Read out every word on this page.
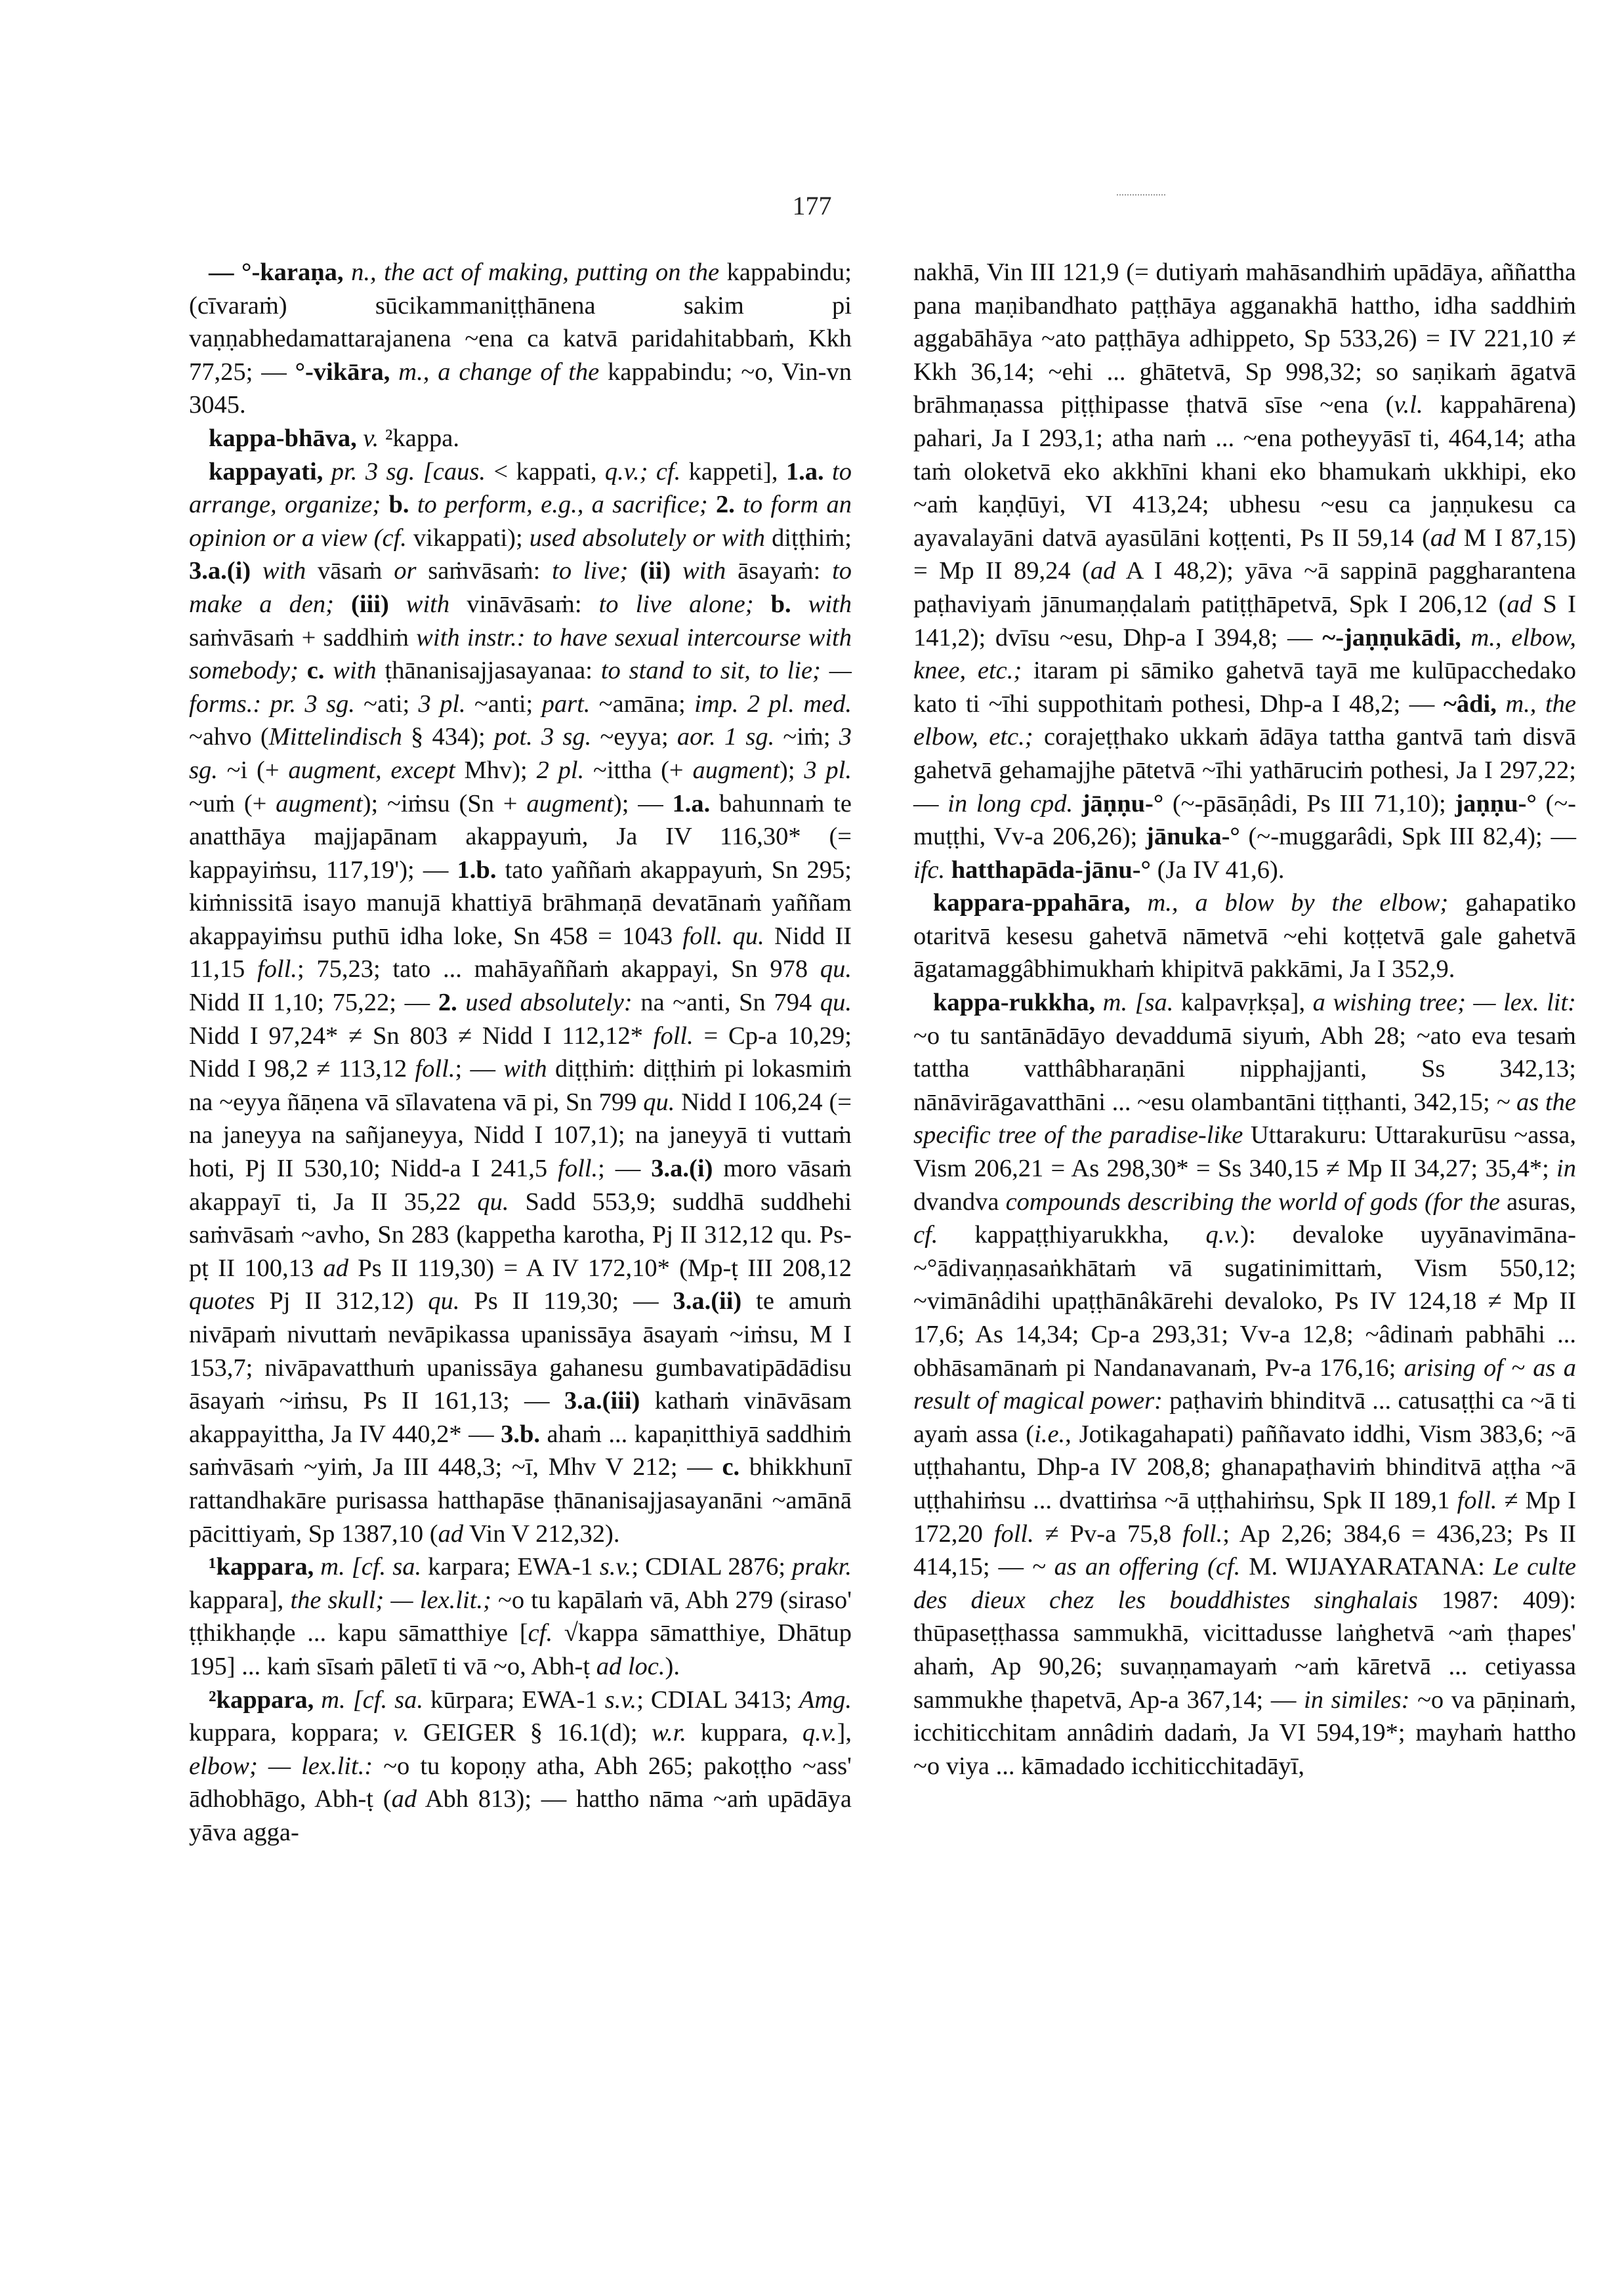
177

— °-karaṇa, n., the act of making, putting on the kappabindu; (cīvaraṁ) sūcikammaniṭṭhānena sakim pi vaṇṇabhedamattarajanena ~ena ca katvā paridahitabbaṁ, Kkh 77,25; — °-vikāra, m., a change of the kappabindu; ~o, Vin-vn 3045.

kappa-bhāva, v. ²kappa.

kappayati, pr. 3 sg. [caus. < kappati, q.v.; cf. kappeti], 1.a. to arrange, organize; b. to perform, e.g., a sacrifice; 2. to form an opinion or a view (cf. vikappati); used absolutely or with diṭṭhiṁ; 3.a.(i) with vāsaṁ or saṁvāsaṁ: to live; (ii) with āsayaṁ: to make a den; (iii) with vināvāsaṁ: to live alone; b. with saṁvāsaṁ + saddhiṁ with instr.: to have sexual intercourse with somebody; c. with ṭhānanisajjasayanaa: to stand to sit, to lie; — forms.: pr. 3 sg. ~ati; 3 pl. ~anti; part. ~amāna; imp. 2 pl. med. ~ahvo (Mittelindisch § 434); pot. 3 sg. ~eyya; aor. 1 sg. ~iṁ; 3 sg. ~i (+ augment, except Mhv); 2 pl. ~ittha (+ augment); 3 pl. ~uṁ (+ augment); ~iṁsu (Sn + augment); — 1.a. bahunnaṁ te anatthāya majjapānam akappayuṁ, Ja IV 116,30* (= kappayiṁsu, 117,19'); — 1.b. tato yaññaṁ akappayuṁ, Sn 295; kiṁnissitā isayo manujā khattiyā brāhmaṇā devatānaṁ yaññam akappayiṁsu puthū idha loke, Sn 458 = 1043 foll. qu. Nidd II 11,15 foll.; 75,23; tato ... mahāyaññaṁ akappayi, Sn 978 qu. Nidd II 1,10; 75,22; — 2. used absolutely: na ~anti, Sn 794 qu. Nidd I 97,24* ≠ Sn 803 ≠ Nidd I 112,12* foll. = Cp-a 10,29; Nidd I 98,2 ≠ 113,12 foll.; — with diṭṭhiṁ: diṭṭhiṁ pi lokasmiṁ na ~eyya ñāṇena vā sīlavatena vā pi, Sn 799 qu. Nidd I 106,24 (= na janeyya na sañjaneyya, Nidd I 107,1); na janeyyā ti vuttaṁ hoti, Pj II 530,10; Nidd-a I 241,5 foll.; — 3.a.(i) moro vāsaṁ akappayī ti, Ja II 35,22 qu. Sadd 553,9; suddhā suddhehi saṁvāsaṁ ~avho, Sn 283 (kappetha karotha, Pj II 312,12 qu. Ps-pṭ II 100,13 ad Ps II 119,30) = A IV 172,10* (Mp-ṭ III 208,12 quotes Pj II 312,12) qu. Ps II 119,30; — 3.a.(ii) te amuṁ nivāpaṁ nivuttaṁ nevāpikassa upanissāya āsayaṁ ~iṁsu, M I 153,7; nivāpavatthuṁ upanissāya gahanesu gumbavatipādādisu āsayaṁ ~iṁsu, Ps II 161,13; — 3.a.(iii) kathaṁ vināvāsam akappayittha, Ja IV 440,2* — 3.b. ahaṁ ... kapaṇitthiyā saddhiṁ saṁvāsaṁ ~yiṁ, Ja III 448,3; ~ī, Mhv V 212; — c. bhikkhunī rattandhakāre purisassa hatthapāse ṭhānanisajjasayanāni ~amānā pācittiyaṁ, Sp 1387,10 (ad Vin V 212,32).

¹kappara, m. [cf. sa. karpara; EWA-1 s.v.; CDIAL 2876; prakr. kappara], the skull; — lex.lit.; ~o tu kapālaṁ vā, Abh 279 (siraso' ṭṭhikhaṇḍe ... kapu sāmatthiye [cf. √kappa sāmatthiye, Dhātup 195] ... kaṁ sīsaṁ pāletī ti vā ~o, Abh-ṭ ad loc.).

²kappara, m. [cf. sa. kūrpara; EWA-1 s.v.; CDIAL 3413; Amg. kuppara, koppara; v. GEIGER § 16.1(d); w.r. kuppara, q.v.], elbow; — lex.lit.: ~o tu kopoṇy atha, Abh 265; pakoṭṭho ~ass' ādhobhāgo, Abh-ṭ (ad Abh 813); — hattho nāma ~aṁ upādāya yāva agga-

nakhā, Vin III 121,9 (= dutiyaṁ mahāsandhiṁ upādāya, aññattha pana maṇibandhato paṭṭhāya agganakhā hattho, idha saddhiṁ aggabāhāya ~ato paṭṭhāya adhippeto, Sp 533,26) = IV 221,10 ≠ Kkh 36,14; ~ehi ... ghātetvā, Sp 998,32; so saṇikaṁ āgatvā brāhmaṇassa piṭṭhipasse ṭhatvā sīse ~ena (v.l. kappahārena) pahari, Ja I 293,1; atha naṁ ... ~ena potheyyāsī ti, 464,14; atha taṁ oloketvā eko akkhīni khani eko bhamukaṁ ukkhipi, eko ~aṁ kaṇḍūyi, VI 413,24; ubhesu ~esu ca jaṇṇukesu ca ayavalayāni datvā ayasūlāni koṭṭenti, Ps II 59,14 (ad M I 87,15) = Mp II 89,24 (ad A I 48,2); yāva ~ā sappinā paggharantena paṭhaviyaṁ jānumaṇḍalaṁ patiṭṭhāpetvā, Spk I 206,12 (ad S I 141,2); dvīsu ~esu, Dhp-a I 394,8; — ~-jaṇṇukādi, m., elbow, knee, etc.; itaram pi sāmiko gahetvā tayā me kulūpacchedako kato ti ~īhi suppothitaṁ pothesi, Dhp-a I 48,2; — ~âdi, m., the elbow, etc.; corajeṭṭhako ukkaṁ ādāya tattha gantvā taṁ disvā gahetvā gehamajjhe pātetvā ~īhi yathāruciṁ pothesi, Ja I 297,22; — in long cpd. jāṇṇu-° (~-pāsāṇâdi, Ps III 71,10); jaṇṇu-° (~-muṭṭhi, Vv-a 206,26); jānuka-° (~-muggarâdi, Spk III 82,4); — ifc. hatthapāda-jānu-° (Ja IV 41,6).

kappara-ppahāra, m., a blow by the elbow; gahapatiko otaritvā kesesu gahetvā nāmetvā ~ehi koṭṭetvā gale gahetvā āgatamaggâbhimukhaṁ khipitvā pakkāmi, Ja I 352,9.

kappa-rukkha, m. [sa. kalpavṛkṣa], a wishing tree; — lex. lit: ~o tu santānādāyo devaddumā siyuṁ, Abh 28; ~ato eva tesaṁ tattha vatthâbharaṇāni nipphajjanti, Ss 342,13; nānāvirāgavatthāni ... ~esu olambantāni tiṭṭhanti, 342,15; ~ as the specific tree of the paradise-like Uttarakuru: Uttarakurūsu ~assa, Vism 206,21 = As 298,30* = Ss 340,15 ≠ Mp II 34,27; 35,4*; in dvandva compounds describing the world of gods (for the asuras, cf. kappaṭṭhiyarukkha, q.v.): devaloke uyyānavimāna-~°ādivaṇṇasaṅkhātaṁ vā sugatinimittaṁ, Vism 550,12; ~vimānâdihi upaṭṭhānâkārehi devaloko, Ps IV 124,18 ≠ Mp II 17,6; As 14,34; Cp-a 293,31; Vv-a 12,8; ~âdinaṁ pabhāhi ... obhāsamānaṁ pi Nandanavanaṁ, Pv-a 176,16; arising of ~ as a result of magical power: paṭhaviṁ bhinditvā ... catusaṭṭhi ca ~ā ti ayaṁ assa (i.e., Jotikagahapati) paññavato iddhi, Vism 383,6; ~ā uṭṭhahantu, Dhp-a IV 208,8; ghanapaṭhaviṁ bhinditvā aṭṭha ~ā uṭṭhahiṁsu ... dvattiṁsa ~ā uṭṭhahiṁsu, Spk II 189,1 foll. ≠ Mp I 172,20 foll. ≠ Pv-a 75,8 foll.; Ap 2,26; 384,6 = 436,23; Ps II 414,15; — ~ as an offering (cf. M. WIJAYARATANA: Le culte des dieux chez les bouddhistes singhalais 1987: 409): thūpaseṭṭhassa sammukhā, vicittadusse laṅghetvā ~aṁ ṭhapes' ahaṁ, Ap 90,26; suvaṇṇamayaṁ ~aṁ kāretvā ... cetiyassa sammukhe ṭhapetvā, Ap-a 367,14; — in similes: ~o va pāṇinaṁ, icchiticchitam annâdiṁ dadaṁ, Ja VI 594,19*; mayhaṁ hattho ~o viya ... kāmadado icchiticchitadāyī,
